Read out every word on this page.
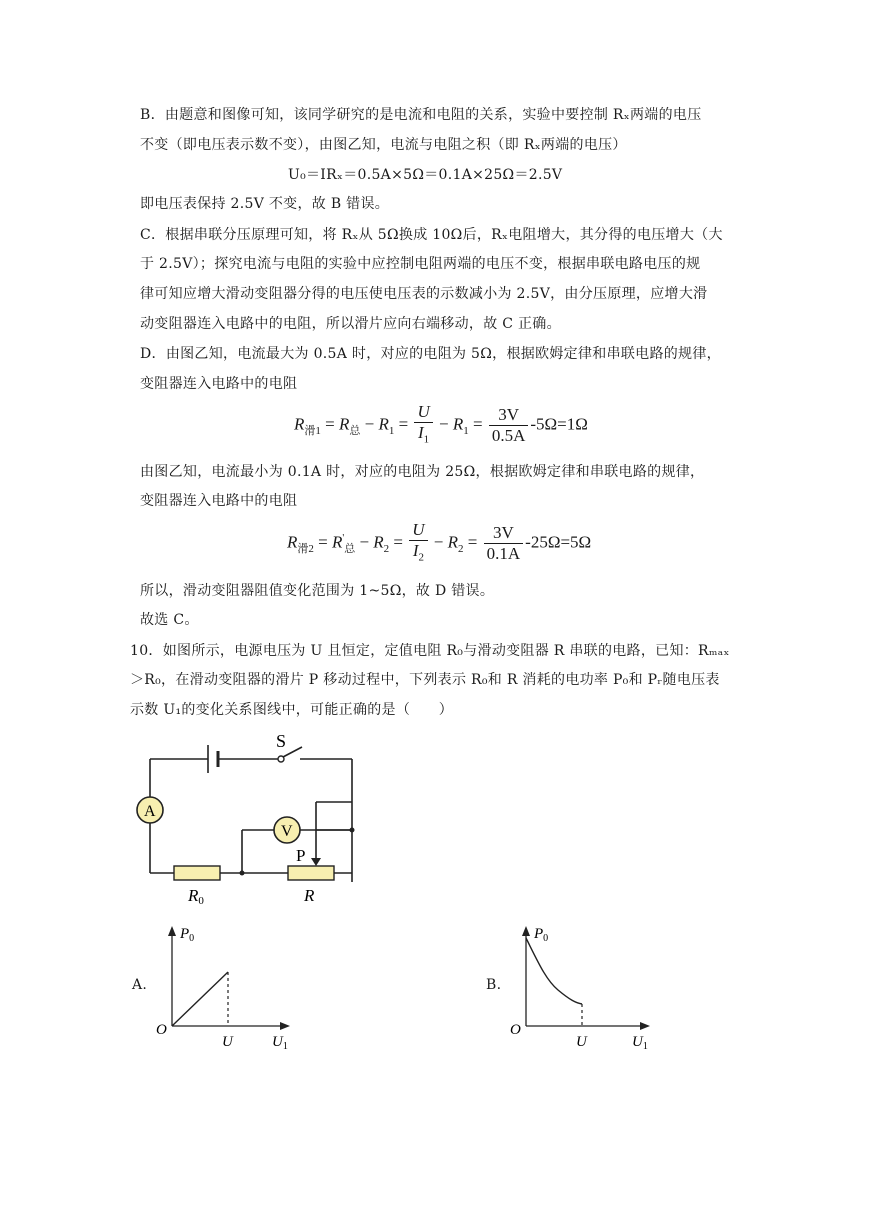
B．由题意和图像可知，该同学研究的是电流和电阻的关系，实验中要控制 Rₓ两端的电压
不变（即电压表示数不变），由图乙知，电流与电阻之积（即 Rₓ两端的电压）
U₀＝IRₓ＝0.5A×5Ω＝0.1A×25Ω＝2.5V
即电压表保持 2.5V 不变，故 B 错误。
C．根据串联分压原理可知，将 Rₓ从 5Ω换成 10Ω后，Rₓ电阻增大，其分得的电压增大（大
于 2.5V）；探究电流与电阻的实验中应控制电阻两端的电压不变，根据串联电路电压的规
律可知应增大滑动变阻器分得的电压使电压表的示数减小为 2.5V，由分压原理，应增大滑
动变阻器连入电路中的电阻，所以滑片应向右端移动，故 C 正确。
D．由图乙知，电流最大为 0.5A 时，对应的电阻为 5Ω，根据欧姆定律和串联电路的规律，
变阻器连入电路中的电阻
$R_{滑1} = R_总 - R_1 = \frac{U}{I_1} - R_1 = \frac{3V}{0.5A} -5\Omega=1\Omega$
由图乙知，电流最小为 0.1A 时，对应的电阻为 25Ω，根据欧姆定律和串联电路的规律，
变阻器连入电路中的电阻
$R_{滑2} = R'_总 - R_2 = \frac{U}{I_2} - R_2 = \frac{3V}{0.1A} -25\Omega=5\Omega$
所以，滑动变阻器阻值变化范围为 1~5Ω，故 D 错误。
故选 C。
10．如图所示，电源电压为 U 且恒定，定值电阻 R₀与滑动变阻器 R 串联的电路，已知：Rₘₐₓ
＞R₀，在滑动变阻器的滑片 P 移动过程中，下列表示 R₀和 R 消耗的电功率 P₀和 Pᵣ随电压表
示数 U₁的变化关系图线中，可能正确的是（　　）
S
A
V
R0
P
R
A.
$P_0$
O
U	$U_1$
B.
$P_0$
O
U	$U_1$
